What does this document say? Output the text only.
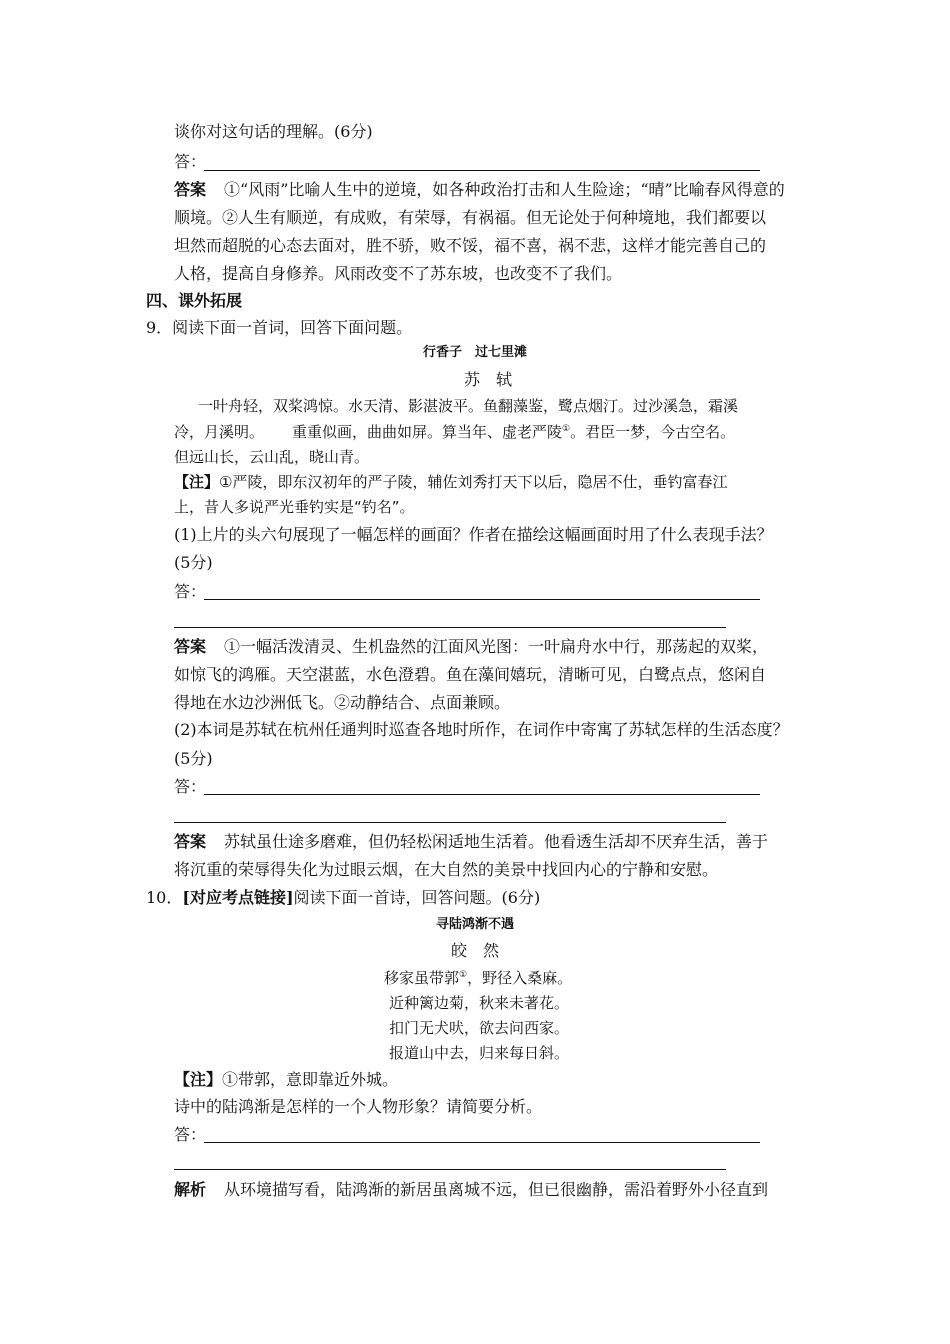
谈你对这句话的理解。(6分)
答：
答案 ①“风雨”比喻人生中的逆境，如各种政治打击和人生险途；“晴”比喻春风得意的
顺境。②人生有顺逆，有成败，有荣辱，有祸福。但无论处于何种境地，我们都要以
坦然而超脱的心态去面对，胜不骄，败不馁，福不喜，祸不悲，这样才能完善自己的
人格，提高自身修养。风雨改变不了苏东坡，也改变不了我们。
四、课外拓展
9．阅读下面一首词，回答下面问题。
行香子　过七里滩
苏　轼
一叶舟轻，双桨鸿惊。水天清、影湛波平。鱼翻藻鉴，鹭点烟汀。过沙溪急，霜溪
冷，月溪明。 重重似画，曲曲如屏。算当年、虚老严陵①。君臣一梦，今古空名。
但远山长，云山乱，晓山青。
【注】①严陵，即东汉初年的严子陵，辅佐刘秀打天下以后，隐居不仕，垂钓富春江
上，昔人多说严光垂钓实是“钓名”。
(1)上片的头六句展现了一幅怎样的画面？作者在描绘这幅画面时用了什么表现手法？
(5分)
答：
答案 ①一幅活泼清灵、生机盎然的江面风光图：一叶扁舟水中行，那荡起的双桨，
如惊飞的鸿雁。天空湛蓝，水色澄碧。鱼在藻间嬉玩，清晰可见，白鹭点点，悠闲自
得地在水边沙洲低飞。②动静结合、点面兼顾。
(2)本词是苏轼在杭州任通判时巡查各地时所作，在词作中寄寓了苏轼怎样的生活态度？
(5分)
答：
答案 苏轼虽仕途多磨难，但仍轻松闲适地生活着。他看透生活却不厌弃生活，善于
将沉重的荣辱得失化为过眼云烟，在大自然的美景中找回内心的宁静和安慰。
10．[对应考点链接]阅读下面一首诗，回答问题。(6分)
寻陆鸿渐不遇
皎　然
移家虽带郭①，野径入桑麻。
近种篱边菊，秋来未著花。
扣门无犬吠，欲去问西家。
报道山中去，归来每日斜。
【注】①带郭，意即靠近外城。
诗中的陆鸿渐是怎样的一个人物形象？请简要分析。
答：
解析 从环境描写看，陆鸿渐的新居虽离城不远，但已很幽静，需沿着野外小径直到
